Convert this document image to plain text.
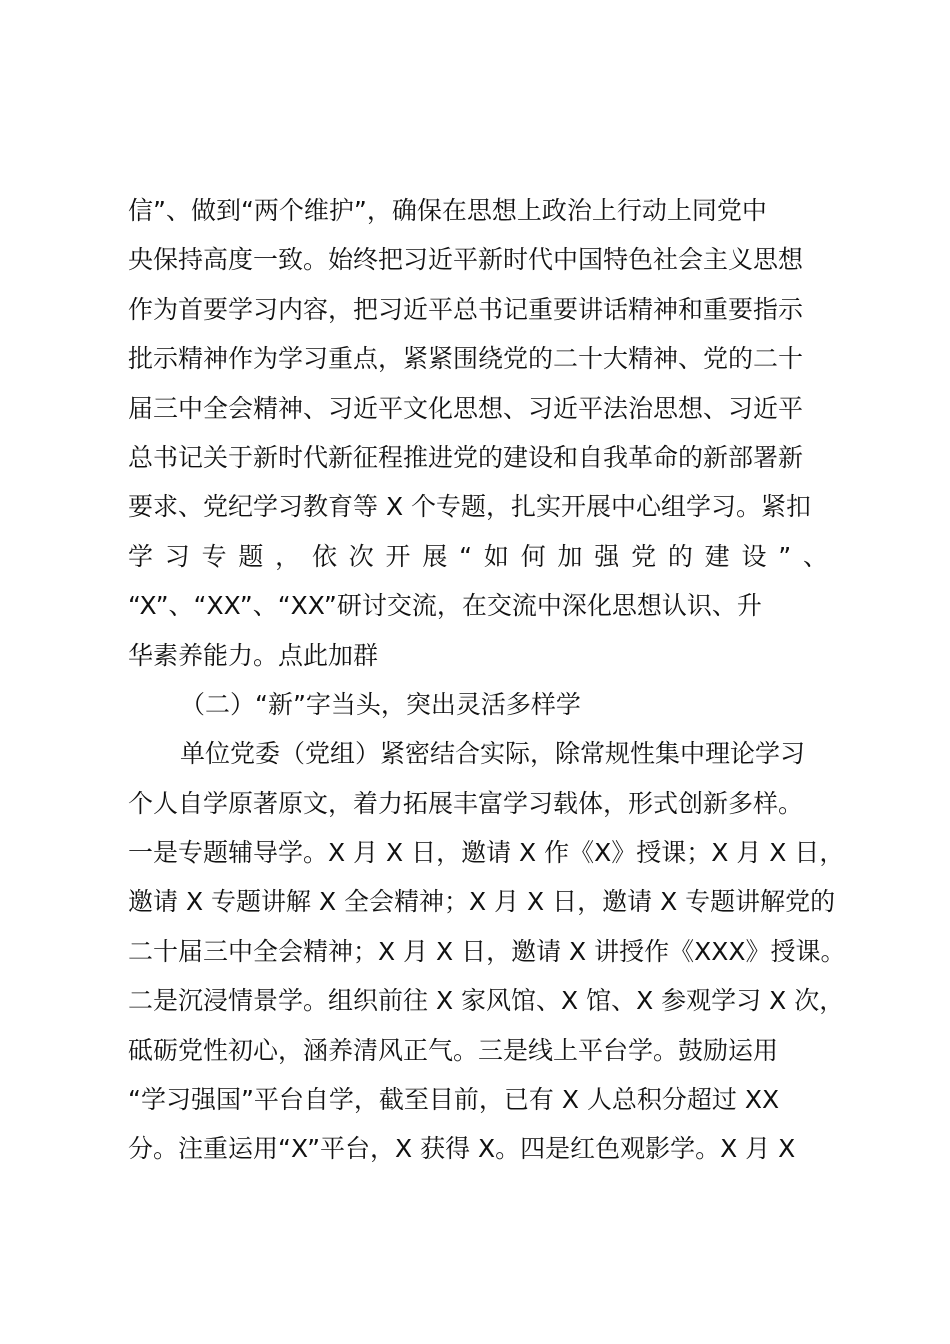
信”、做到“两个维护”，确保在思想上政治上行动上同党中
央保持高度一致。始终把习近平新时代中国特色社会主义思想
作为首要学习内容，把习近平总书记重要讲话精神和重要指示
批示精神作为学习重点，紧紧围绕党的二十大精神、党的二十
届三中全会精神、习近平文化思想、习近平法治思想、习近平
总书记关于新时代新征程推进党的建设和自我革命的新部署新
要求、党纪学习教育等 X 个专题，扎实开展中心组学习。紧扣
学习专题，依次开展“如何加强党的建设”、
“X”、“XX”、“XX”研讨交流，在交流中深化思想认识、升
华素养能力。点此加群
（二）“新”字当头，突出灵活多样学
单位党委（党组）紧密结合实际，除常规性集中理论学习
个人自学原著原文，着力拓展丰富学习载体，形式创新多样。
一是专题辅导学。X 月 X 日，邀请 X 作《X》授课；X 月 X 日，
邀请 X 专题讲解 X 全会精神；X 月 X 日，邀请 X 专题讲解党的
二十届三中全会精神；X 月 X 日，邀请 X 讲授作《XXX》授课。
二是沉浸情景学。组织前往 X 家风馆、X 馆、X 参观学习 X 次，
砥砺党性初心，涵养清风正气。三是线上平台学。鼓励运用
“学习强国”平台自学，截至目前，已有 X 人总积分超过 XX
分。注重运用“X”平台，X 获得 X。四是红色观影学。X 月 X
